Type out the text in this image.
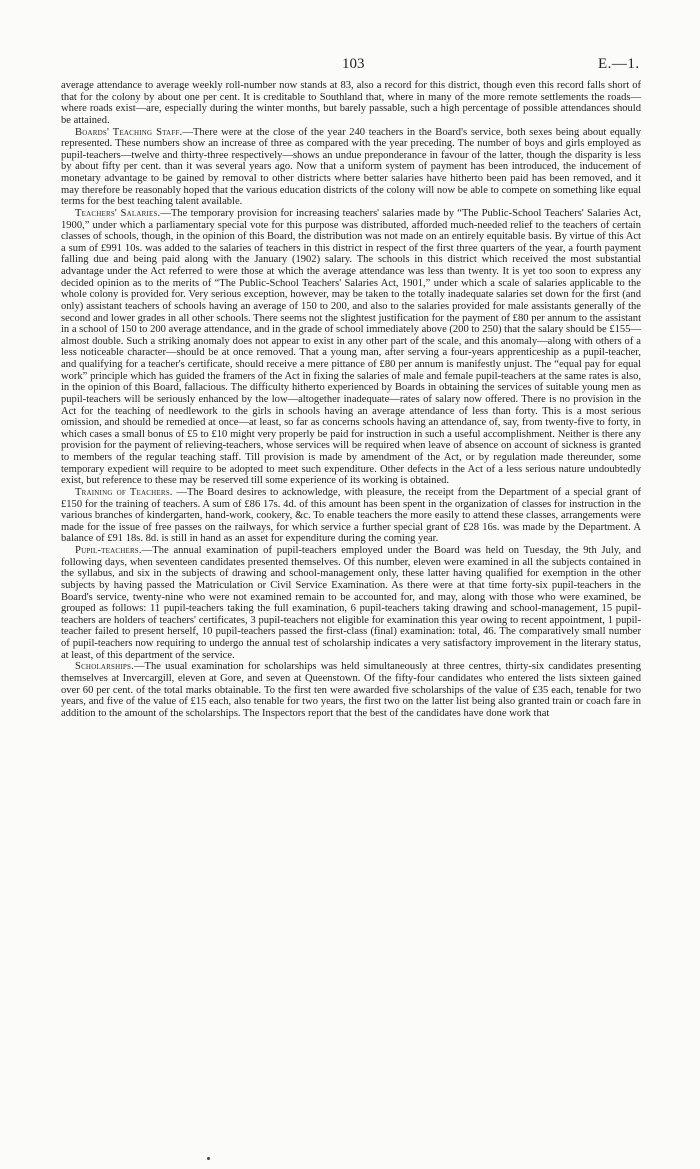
103	E.—1.

average attendance to average weekly roll-number now stands at 83, also a record for this district, though even this record falls short of that for the colony by about one per cent. It is creditable to Southland that, where in many of the more remote settlements the roads—where roads exist—are, especially during the winter months, but barely passable, such a high percentage of possible attendances should be attained.

Boards' Teaching Staff.—There were at the close of the year 240 teachers in the Board's service, both sexes being about equally represented. These numbers show an increase of three as compared with the year preceding. The number of boys and girls employed as pupil-teachers—twelve and thirty-three respectively—shows an undue preponderance in favour of the latter, though the disparity is less by about fifty per cent. than it was several years ago. Now that a uniform system of payment has been introduced, the inducement of monetary advantage to be gained by removal to other districts where better salaries have hitherto been paid has been removed, and it may therefore be reasonably hoped that the various education districts of the colony will now be able to compete on something like equal terms for the best teaching talent available.

Teachers' Salaries.—The temporary provision for increasing teachers' salaries made by “The Public-School Teachers' Salaries Act, 1900,” under which a parliamentary special vote for this purpose was distributed, afforded much-needed relief to the teachers of certain classes of schools, though, in the opinion of this Board, the distribution was not made on an entirely equitable basis. By virtue of this Act a sum of £991 10s. was added to the salaries of teachers in this district in respect of the first three quarters of the year, a fourth payment falling due and being paid along with the January (1902) salary. The schools in this district which received the most substantial advantage under the Act referred to were those at which the average attendance was less than twenty. It is yet too soon to express any decided opinion as to the merits of “The Public-School Teachers' Salaries Act, 1901,” under which a scale of salaries applicable to the whole colony is provided for. Very serious exception, however, may be taken to the totally inadequate salaries set down for the first (and only) assistant teachers of schools having an average of 150 to 200, and also to the salaries provided for male assistants generally of the second and lower grades in all other schools. There seems not the slightest justification for the payment of £80 per annum to the assistant in a school of 150 to 200 average attendance, and in the grade of school immediately above (200 to 250) that the salary should be £155—almost double. Such a striking anomaly does not appear to exist in any other part of the scale, and this anomaly—along with others of a less noticeable character—should be at once removed. That a young man, after serving a four-years apprenticeship as a pupil-teacher, and qualifying for a teacher's certificate, should receive a mere pittance of £80 per annum is manifestly unjust. The “equal pay for equal work” principle which has guided the framers of the Act in fixing the salaries of male and female pupil-teachers at the same rates is also, in the opinion of this Board, fallacious. The difficulty hitherto experienced by Boards in obtaining the services of suitable young men as pupil-teachers will be seriously enhanced by the low—altogether inadequate—rates of salary now offered. There is no provision in the Act for the teaching of needlework to the girls in schools having an average attendance of less than forty. This is a most serious omission, and should be remedied at once—at least, so far as concerns schools having an attendance of, say, from twenty-five to forty, in which cases a small bonus of £5 to £10 might very properly be paid for instruction in such a useful accomplishment. Neither is there any provision for the payment of relieving-teachers, whose services will be required when leave of absence on account of sickness is granted to members of the regular teaching staff. Till provision is made by amendment of the Act, or by regulation made thereunder, some temporary expedient will require to be adopted to meet such expenditure. Other defects in the Act of a less serious nature undoubtedly exist, but reference to these may be reserved till some experience of its working is obtained.

Training of Teachers. —The Board desires to acknowledge, with pleasure, the receipt from the Department of a special grant of £150 for the training of teachers. A sum of £86 17s. 4d. of this amount has been spent in the organization of classes for instruction in the various branches of kindergarten, hand-work, cookery, &c. To enable teachers the more easily to attend these classes, arrangements were made for the issue of free passes on the railways, for which service a further special grant of £28 16s. was made by the Department. A balance of £91 18s. 8d. is still in hand as an asset for expenditure during the coming year.

Pupil-teachers.—The annual examination of pupil-teachers employed under the Board was held on Tuesday, the 9th July, and following days, when seventeen candidates presented themselves. Of this number, eleven were examined in all the subjects contained in the syllabus, and six in the subjects of drawing and school-management only, these latter having qualified for exemption in the other subjects by having passed the Matriculation or Civil Service Examination. As there were at that time forty-six pupil-teachers in the Board's service, twenty-nine who were not examined remain to be accounted for, and may, along with those who were examined, be grouped as follows: 11 pupil-teachers taking the full examination, 6 pupil-teachers taking drawing and school-management, 15 pupil-teachers are holders of teachers' certificates, 3 pupil-teachers not eligible for examination this year owing to recent appointment, 1 pupil-teacher failed to present herself, 10 pupil-teachers passed the first-class (final) examination: total, 46. The comparatively small number of pupil-teachers now requiring to undergo the annual test of scholarship indicates a very satisfactory improvement in the literary status, at least, of this department of the service.

Scholarships.—The usual examination for scholarships was held simultaneously at three centres, thirty-six candidates presenting themselves at Invercargill, eleven at Gore, and seven at Queenstown. Of the fifty-four candidates who entered the lists sixteen gained over 60 per cent. of the total marks obtainable. To the first ten were awarded five scholarships of the value of £35 each, tenable for two years, and five of the value of £15 each, also tenable for two years, the first two on the latter list being also granted train or coach fare in addition to the amount of the scholarships. The Inspectors report that the best of the candidates have done work that
